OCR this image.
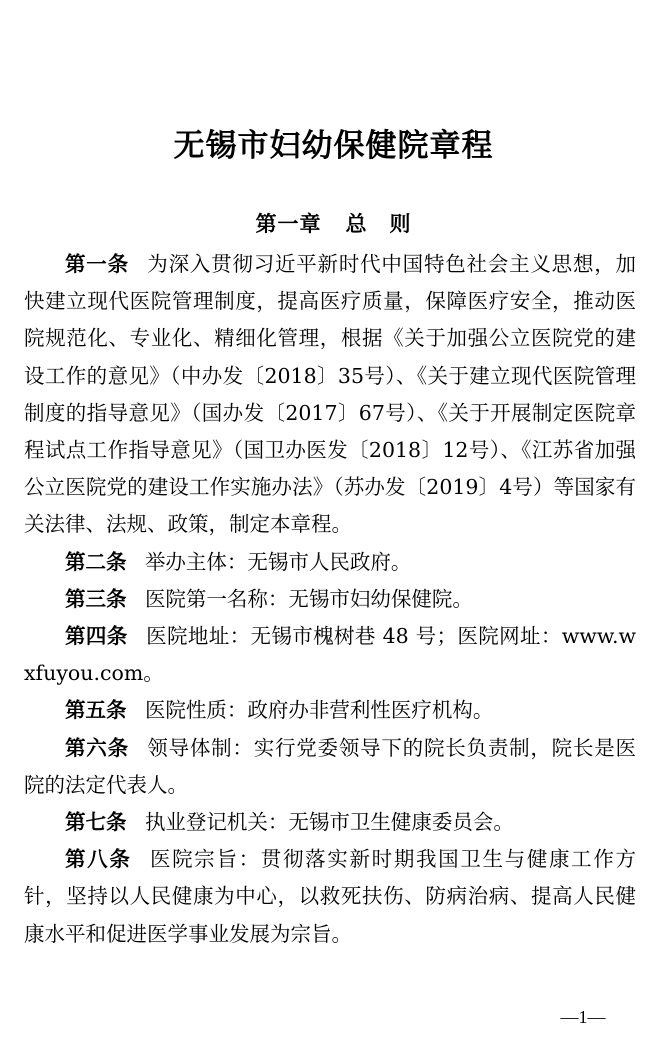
无锡市妇幼保健院章程
第一章 总　则

第一条 为深入贯彻习近平新时代中国特色社会主义思想，加快建立现代医院管理制度，提高医疗质量，保障医疗安全，推动医院规范化、专业化、精细化管理，根据《关于加强公立医院党的建设工作的意见》（中办发〔2018〕35号）、《关于建立现代医院管理制度的指导意见》（国办发〔2017〕67号）、《关于开展制定医院章程试点工作指导意见》（国卫办医发〔2018〕12号）、《江苏省加强公立医院党的建设工作实施办法》（苏办发〔2019〕4号）等国家有关法律、法规、政策，制定本章程。

第二条 举办主体：无锡市人民政府。

第三条 医院第一名称：无锡市妇幼保健院。

第四条 医院地址：无锡市槐树巷 48 号；医院网址：www.wxfuyou.com。

第五条 医院性质：政府办非营利性医疗机构。

第六条 领导体制：实行党委领导下的院长负责制，院长是医院的法定代表人。

第七条 执业登记机关：无锡市卫生健康委员会。

第八条 医院宗旨：贯彻落实新时期我国卫生与健康工作方针，坚持以人民健康为中心，以救死扶伤、防病治病、提高人民健康水平和促进医学事业发展为宗旨。

—1—
